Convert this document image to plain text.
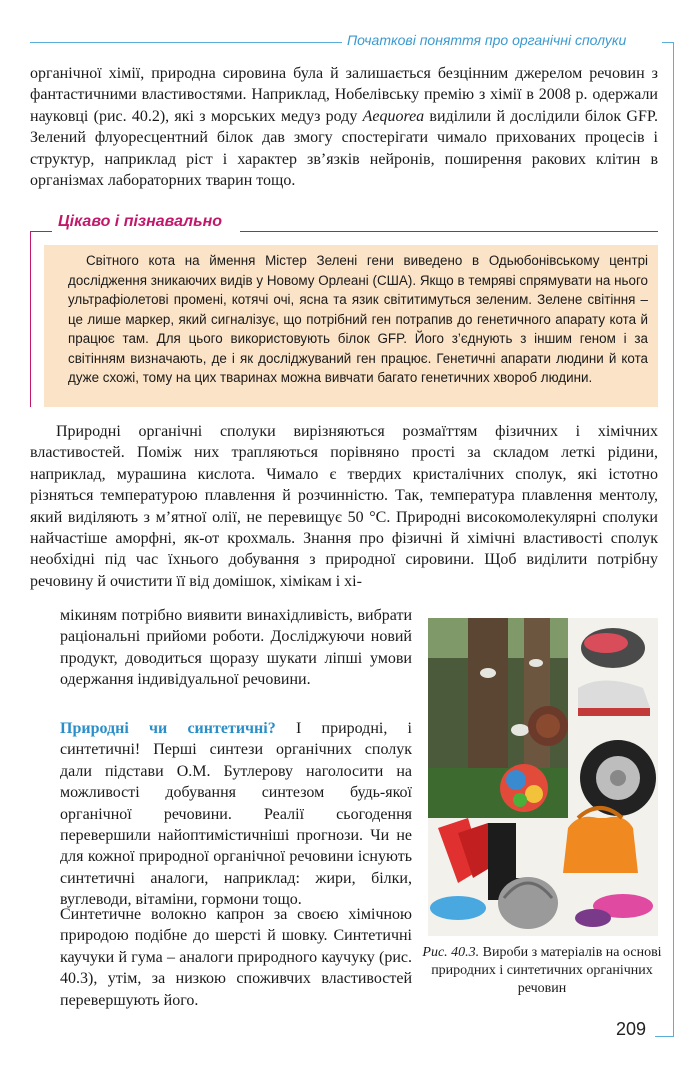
Початкові поняття про органічні сполуки

органічної хімії, природна сировина була й залишається безцінним джерелом речовин з фантастичними властивостями. Наприклад, Нобелівську премію з хімії в 2008 р. одержали науковці (рис. 40.2), які з морських медуз роду Aequorea виділили й дослідили білок GFP. Зелений флуоресцентний білок дав змогу спостерігати чимало прихованих процесів і структур, наприклад ріст і характер зв’язків нейронів, поширення ракових клітин в організмах лабораторних тварин тощо.

Цікаво і пізнавально

Світного кота на ймення Містер Зелені гени виведено в Одьюбонівському центрі дослідження зникаючих видів у Новому Орлеані (США). Якщо в темряві спрямувати на нього ультрафіолетові промені, котячі очі, ясна та язик світитимуться зеленим. Зелене світіння – це лише маркер, який сигналізує, що потрібний ген потрапив до генетичного апарату кота й працює там. Для цього використовують білок GFP. Його з’єднують з іншим геном і за світінням визначають, де і як досліджуваний ген працює. Генетичні апарати людини й кота дуже схожі, тому на цих тваринах можна вивчати багато генетичних хвороб людини.

Природні органічні сполуки вирізняються розмаїттям фізичних і хімічних властивостей. Поміж них трапляються порівняно прості за складом леткі рідини, наприклад, мурашина кислота. Чимало є твердих кристалічних сполук, які істотно різняться температурою плавлення й розчинністю. Так, температура плавлення ментолу, який виділяють з м’ятної олії, не перевищує 50 °С. Природні високомолекулярні сполуки найчастіше аморфні, як-от крохмаль. Знання про фізичні й хімічні властивості сполук необхідні під час їхнього добування з природної сировини. Щоб виділити потрібну речовину й очистити її від домішок, хімікам і хі-

мікиням потрібно виявити винахідливість, вибрати раціональні прийоми роботи. Досліджуючи новий продукт, доводиться щоразу шукати ліпші умови одержання індивідуальної речовини.

Природні чи синтетичні? І природні, і синтетичні! Перші синтези органічних сполук дали підстави О.М. Бутлерову наголосити на можливості добування синтезом будь-якої органічної речовини. Реалії сьогодення перевершили найоптимістичніші прогнози. Чи не для кожної природної органічної речовини існують синтетичні аналоги, наприклад: жири, білки, вуглеводи, вітаміни, гормони тощо.

Синтетичне волокно капрон за своєю хімічною природою подібне до шерсті й шовку. Синтетичні каучуки й гума – аналоги природного каучуку (рис. 40.3), утім, за низкою споживчих властивостей перевершують його.

Рис. 40.3. Вироби з матеріалів на основі природних і синтетичних органічних речовин
209
